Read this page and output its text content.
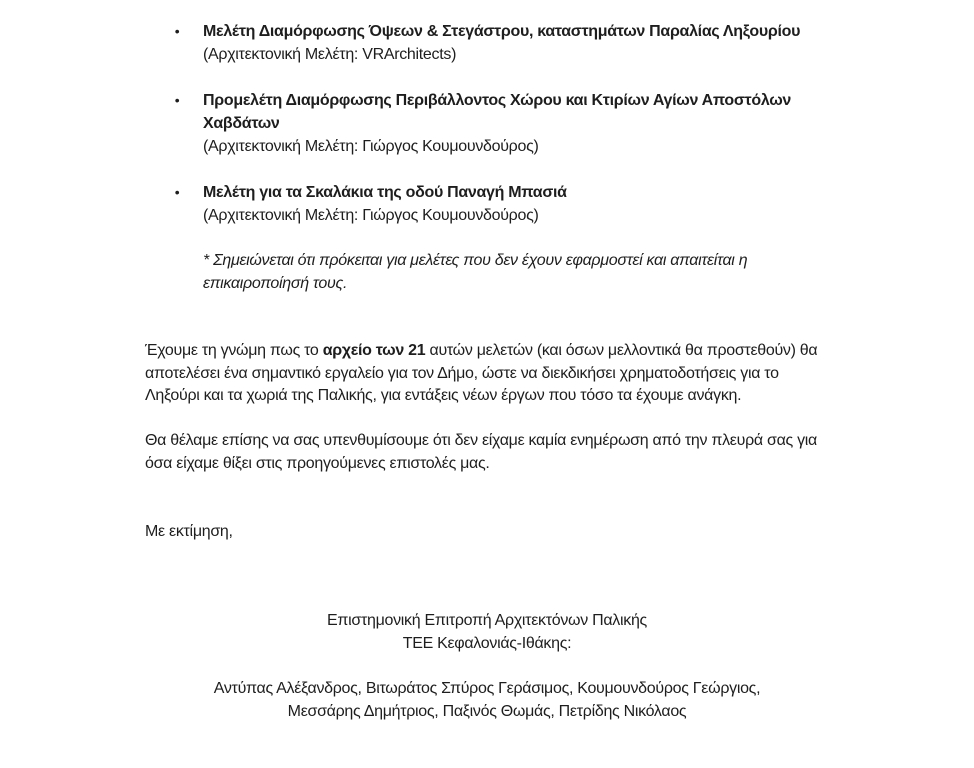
• Μελέτη Διαμόρφωσης Όψεων & Στεγάστρου, καταστημάτων Παραλίας Ληξουρίου
(Αρχιτεκτονική Μελέτη: VRArchitects)
• Προμελέτη Διαμόρφωσης Περιβάλλοντος Χώρου και Κτιρίων Αγίων Αποστόλων Χαβδάτων
(Αρχιτεκτονική Μελέτη: Γιώργος Κουμουνδούρος)
• Μελέτη για τα Σκαλάκια της οδού Παναγή Μπασιά
(Αρχιτεκτονική Μελέτη: Γιώργος Κουμουνδούρος)

* Σημειώνεται ότι πρόκειται για μελέτες που δεν έχουν εφαρμοστεί και απαιτείται η επικαιροποίησή τους.

Έχουμε τη γνώμη πως το αρχείο των 21 αυτών μελετών (και όσων μελλοντικά θα προστεθούν) θα αποτελέσει ένα σημαντικό εργαλείο για τον Δήμο, ώστε να διεκδικήσει χρηματοδοτήσεις για το Ληξούρι και τα χωριά της Παλικής, για εντάξεις νέων έργων που τόσο τα έχουμε ανάγκη.

Θα θέλαμε επίσης να σας υπενθυμίσουμε ότι δεν είχαμε καμία ενημέρωση από την πλευρά σας για όσα είχαμε θίξει στις προηγούμενες επιστολές μας.

Με εκτίμηση,

Επιστημονική Επιτροπή Αρχιτεκτόνων Παλικής
ΤΕΕ Κεφαλονιάς-Ιθάκης:

Αντύπας Αλέξανδρος, Βιτωράτος Σπύρος Γεράσιμος, Κουμουνδούρος Γεώργιος,
Μεσσάρης Δημήτριος, Παξινός Θωμάς, Πετρίδης Νικόλαος
